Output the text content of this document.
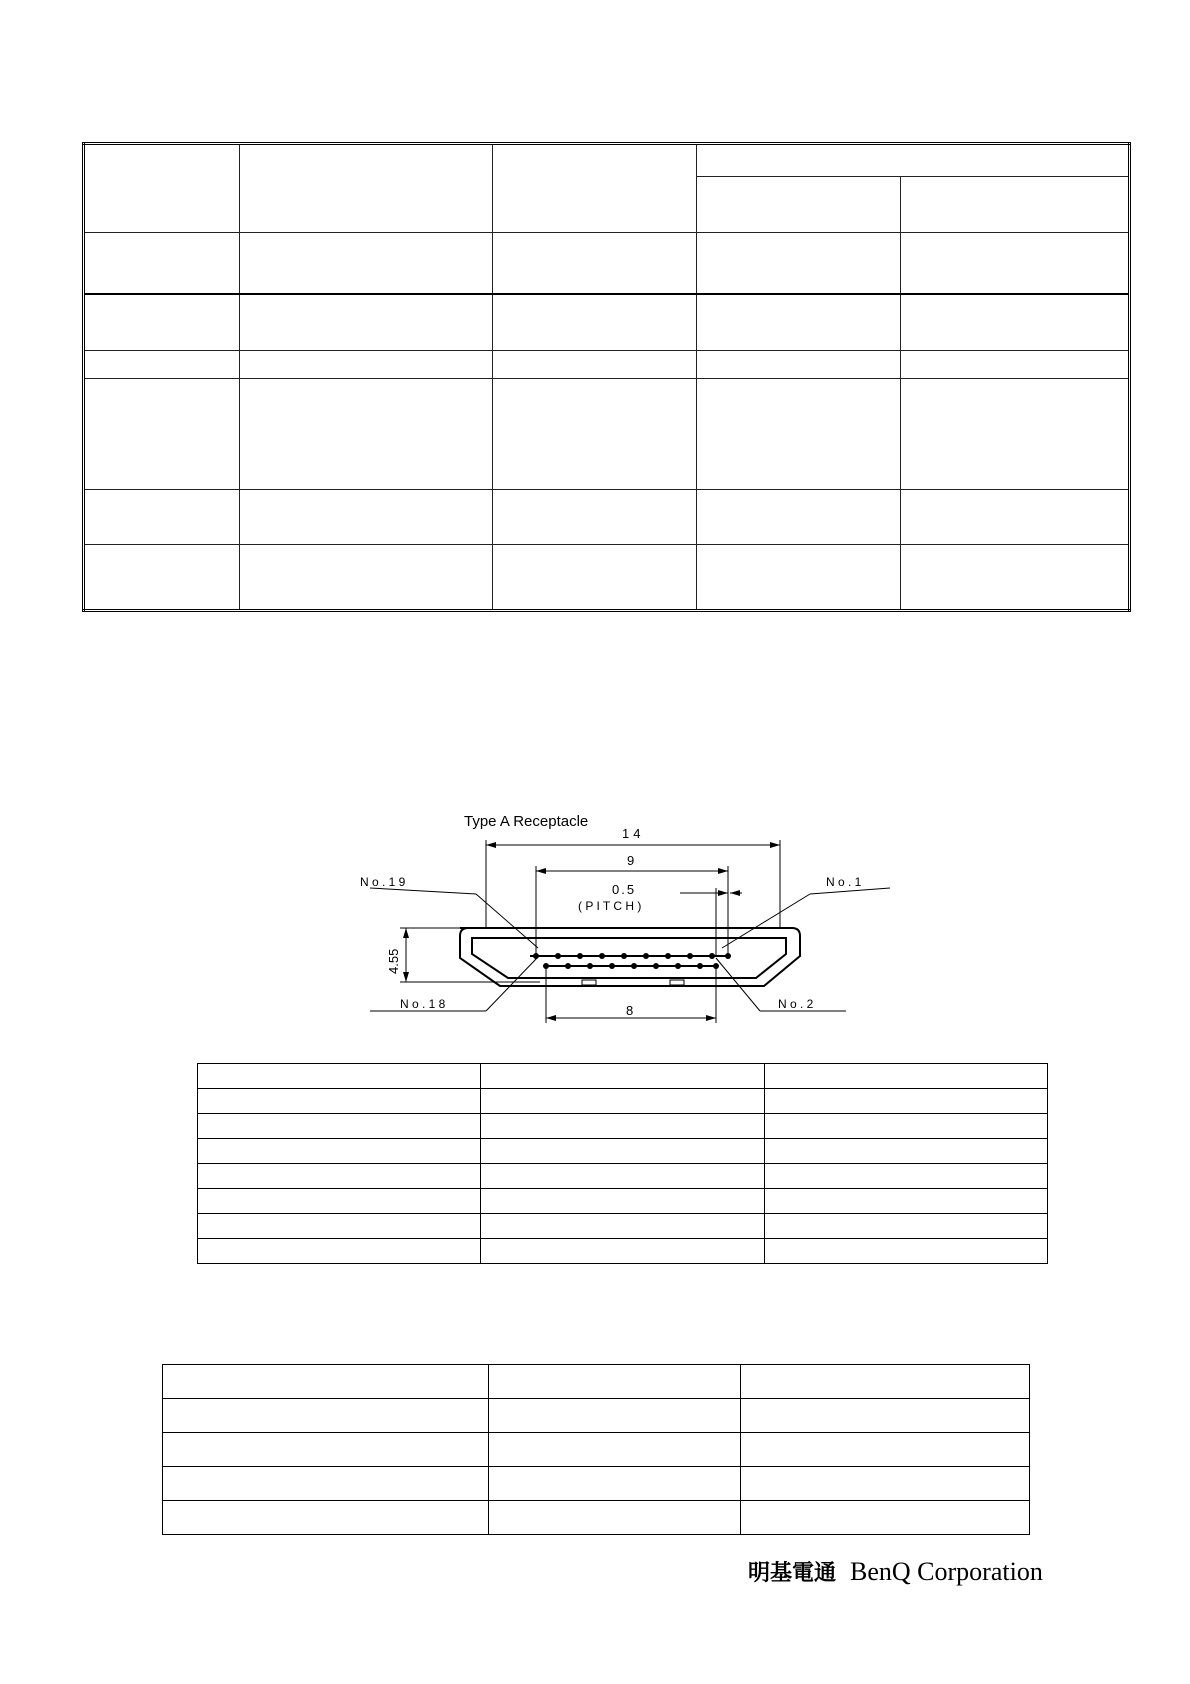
Type A Receptacle
14
9
0.5
( P I T C H )
8
4.55
N o . 1 9	N o . 1
N o . 1 8	N o . 2

明基電通 BenQ Corporation
